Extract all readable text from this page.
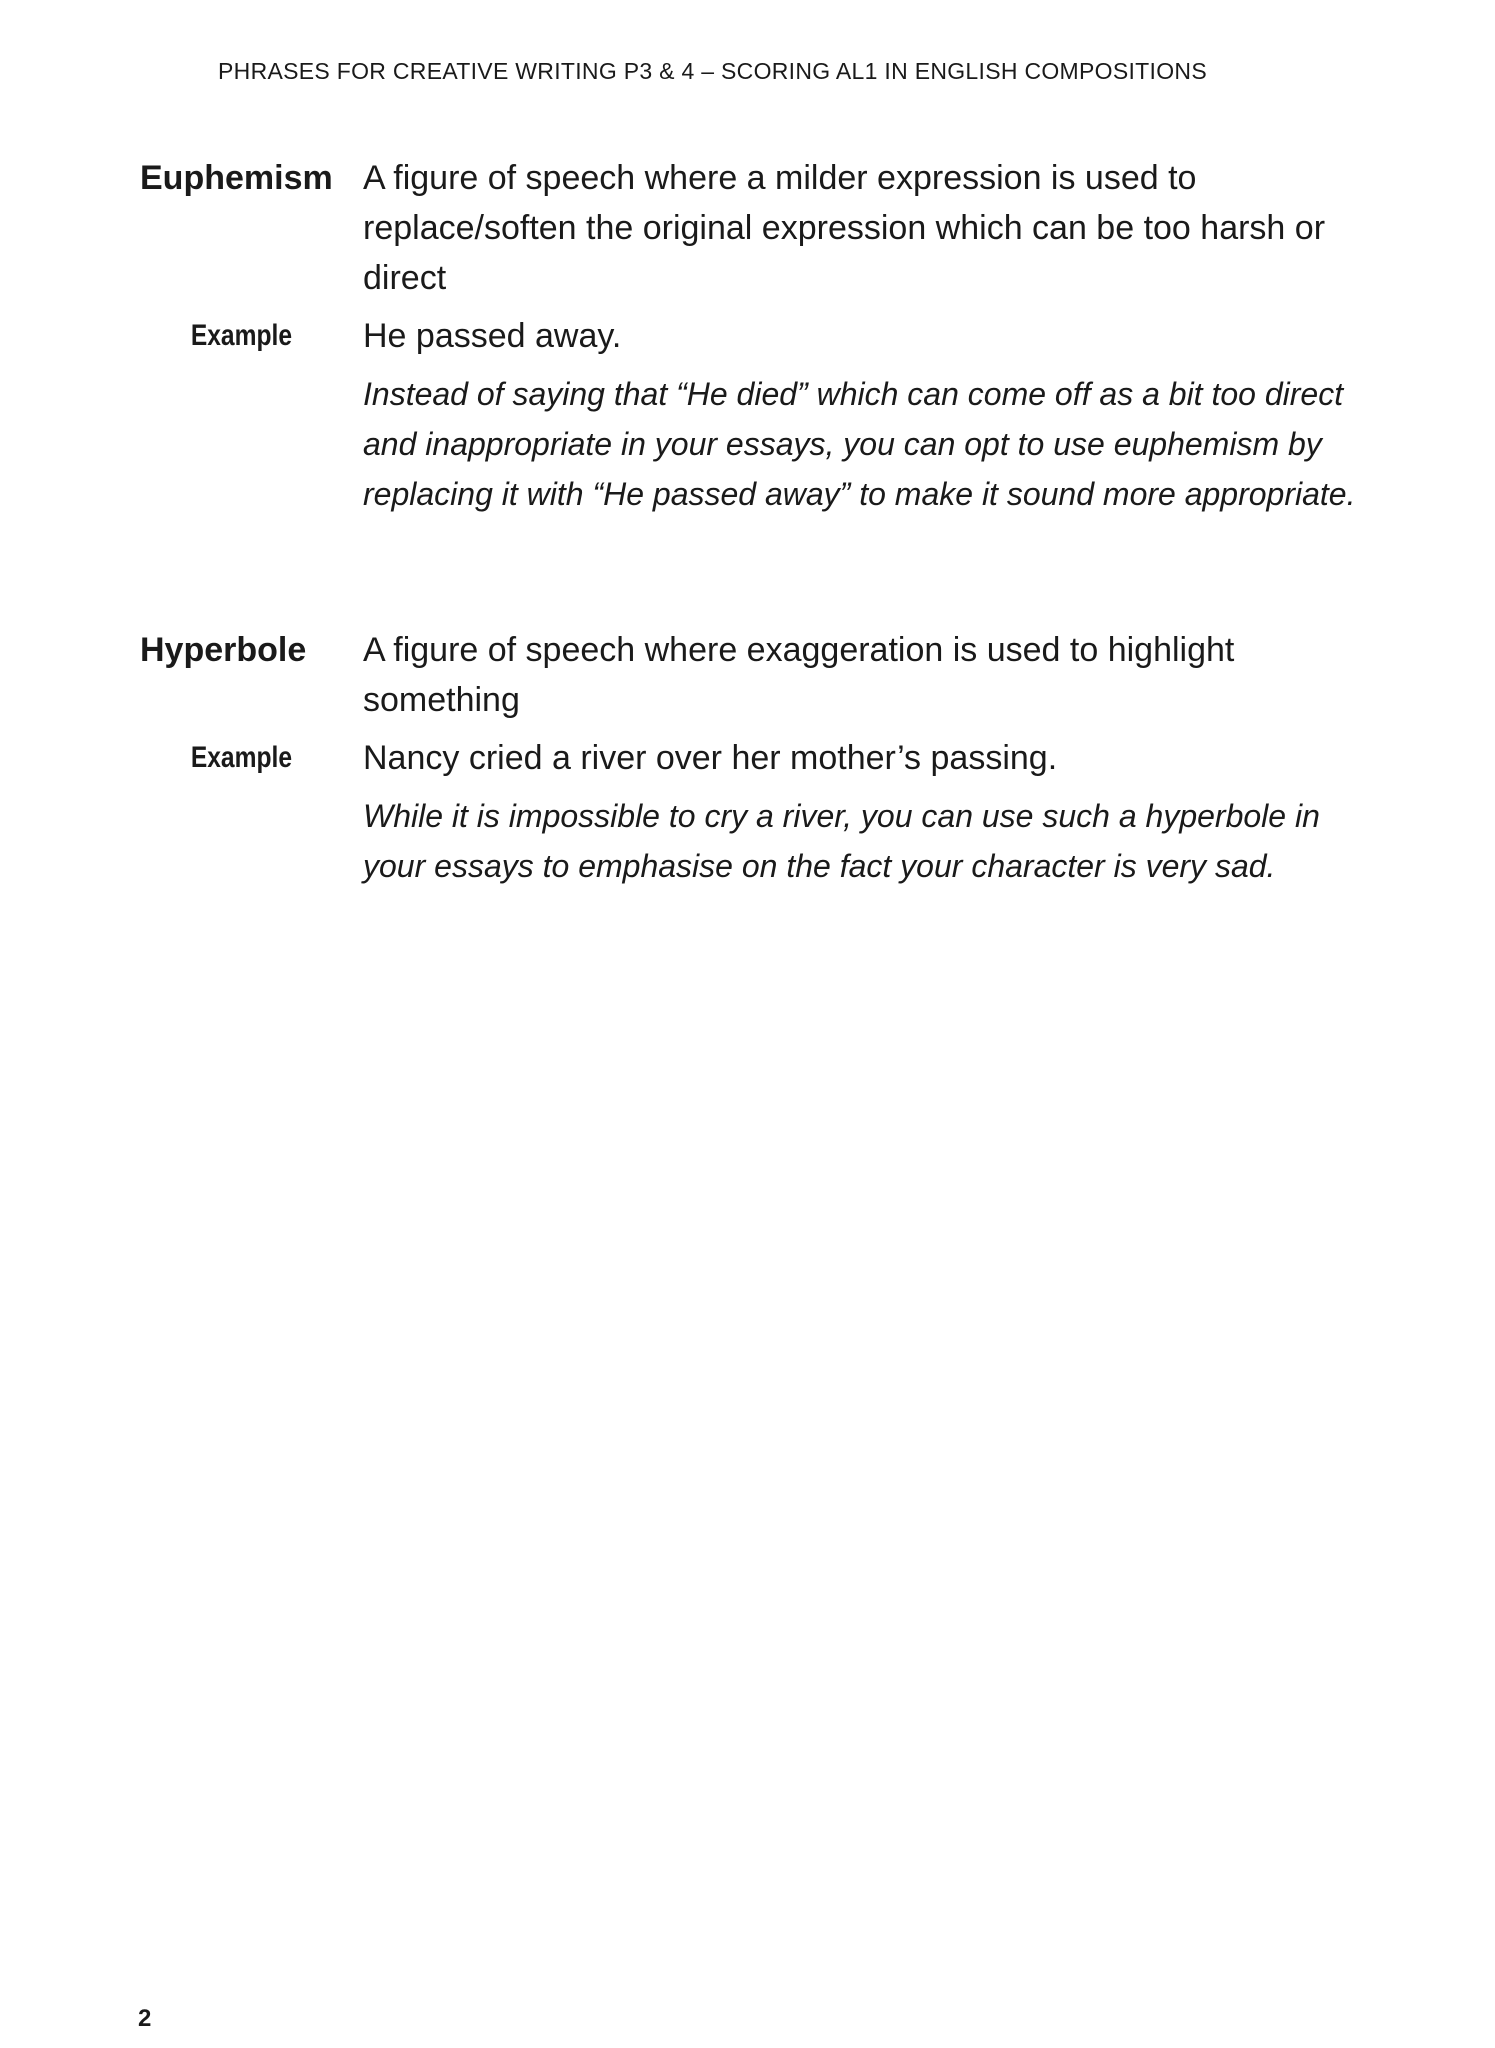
PHRASES FOR CREATIVE WRITING P3 & 4 – SCORING AL1 IN ENGLISH COMPOSITIONS
Euphemism A figure of speech where a milder expression is used to replace/soften the original expression which can be too harsh or direct
Example	He passed away.
Instead of saying that “He died” which can come off as a bit too direct and inappropriate in your essays, you can opt to use euphemism by replacing it with “He passed away” to make it sound more appropriate.
Hyperbole	A figure of speech where exaggeration is used to highlight something
Example	Nancy cried a river over her mother’s passing.
While it is impossible to cry a river, you can use such a hyperbole in your essays to emphasise on the fact your character is very sad.
2
